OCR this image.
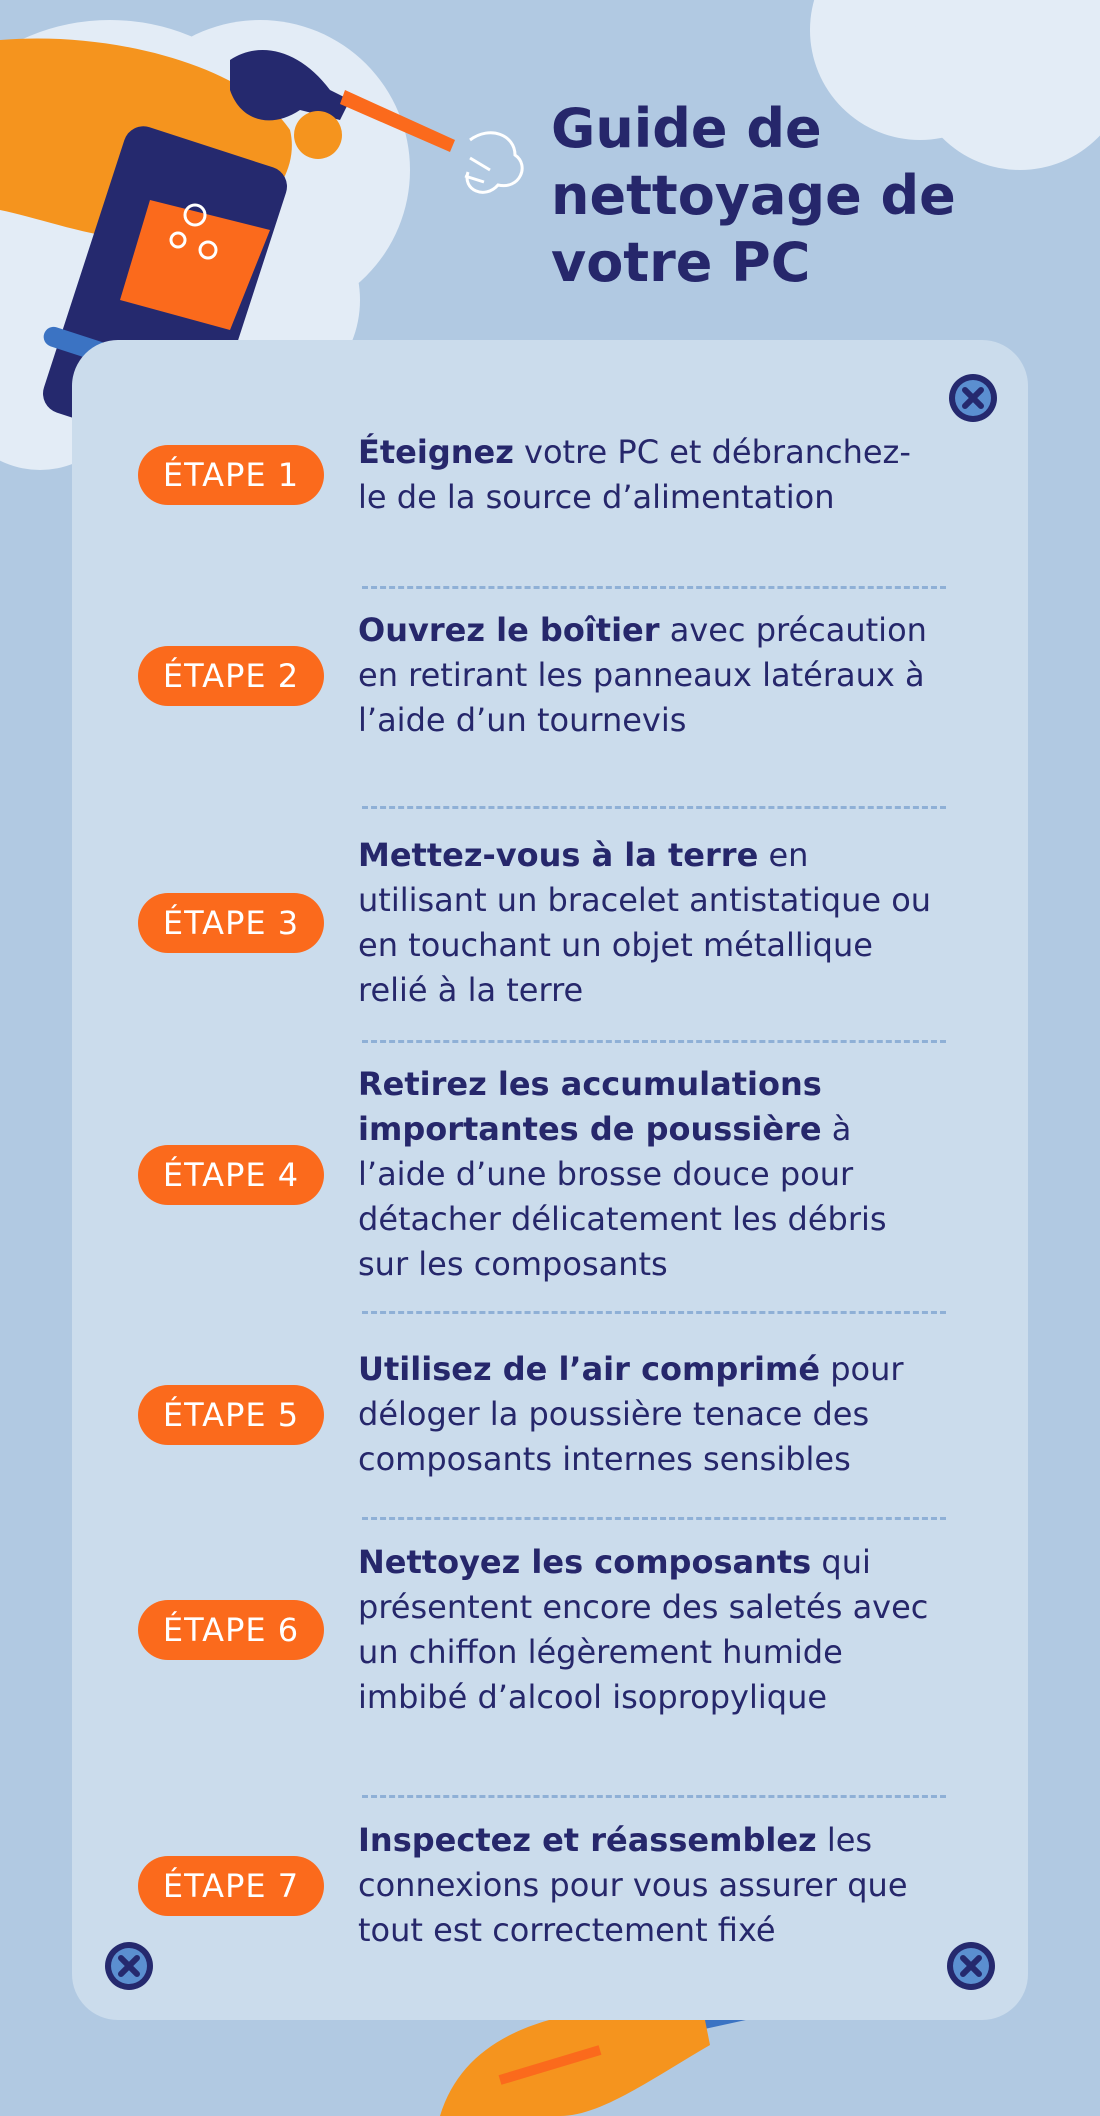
Guide de nettoyage de votre PC
ÉTAPE 1
Éteignez votre PC et débranchez-le de la source d’alimentation
ÉTAPE 2
Ouvrez le boîtier avec précaution en retirant les panneaux latéraux à l’aide d’un tournevis
ÉTAPE 3
Mettez-vous à la terre en utilisant un bracelet antistatique ou en touchant un objet métallique relié à la terre
ÉTAPE 4
Retirez les accumulations importantes de poussière à l’aide d’une brosse douce pour détacher délicatement les débris sur les composants
ÉTAPE 5
Utilisez de l’air comprimé pour déloger la poussière tenace des composants internes sensibles
ÉTAPE 6
Nettoyez les composants qui présentent encore des saletés avec un chiffon légèrement humide imbibé d’alcool isopropylique
ÉTAPE 7
Inspectez et réassemblez les connexions pour vous assurer que tout est correctement fixé
